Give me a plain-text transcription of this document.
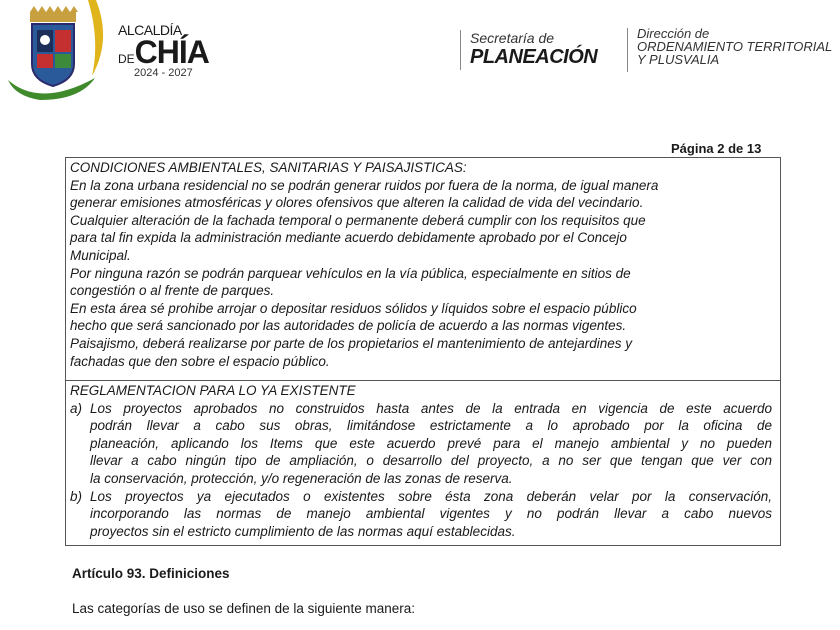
ALCALDÍA
DE CHÍA
2024 - 2027
Secretaría de
PLANEACIÓN
Dirección de
ORDENAMIENTO TERRITORIAL
Y PLUSVALIA
Página 2 de 13
CONDICIONES AMBIENTALES, SANITARIAS Y PAISAJISTICAS:
En la zona urbana residencial no se podrán generar ruidos por fuera de la norma, de igual manera
generar emisiones atmosféricas y olores ofensivos que alteren la calidad de vida del vecindario.
Cualquier alteración de la fachada temporal o permanente deberá cumplir con los requisitos que
para tal fin expida la administración mediante acuerdo debidamente aprobado por el Concejo
Municipal.
Por ninguna razón se podrán parquear vehículos en la vía pública, especialmente en sitios de
congestión o al frente de parques.
En esta área sé prohibe arrojar o depositar residuos sólidos y líquidos sobre el espacio público
hecho que será sancionado por las autoridades de policía de acuerdo a las normas vigentes.
Paisajismo, deberá realizarse por parte de los propietarios el mantenimiento de antejardines y
fachadas que den sobre el espacio público.
REGLAMENTACION PARA LO YA EXISTENTE
a) Los proyectos aprobados no construidos hasta antes de la entrada en vigencia de este acuerdo
podrán llevar a cabo sus obras, limitándose estrictamente a lo aprobado por la oficina de
planeación, aplicando los Items que este acuerdo prevé para el manejo ambiental y no pueden
llevar a cabo ningún tipo de ampliación, o desarrollo del proyecto, a no ser que tengan que ver con
la conservación, protección, y/o regeneración de las zonas de reserva.
b) Los proyectos ya ejecutados o existentes sobre ésta zona deberán velar por la conservación,
incorporando las normas de manejo ambiental vigentes y no podrán llevar a cabo nuevos
proyectos sin el estricto cumplimiento de las normas aquí establecidas.
Artículo 93. Definiciones
Las categorías de uso se definen de la siguiente manera:
